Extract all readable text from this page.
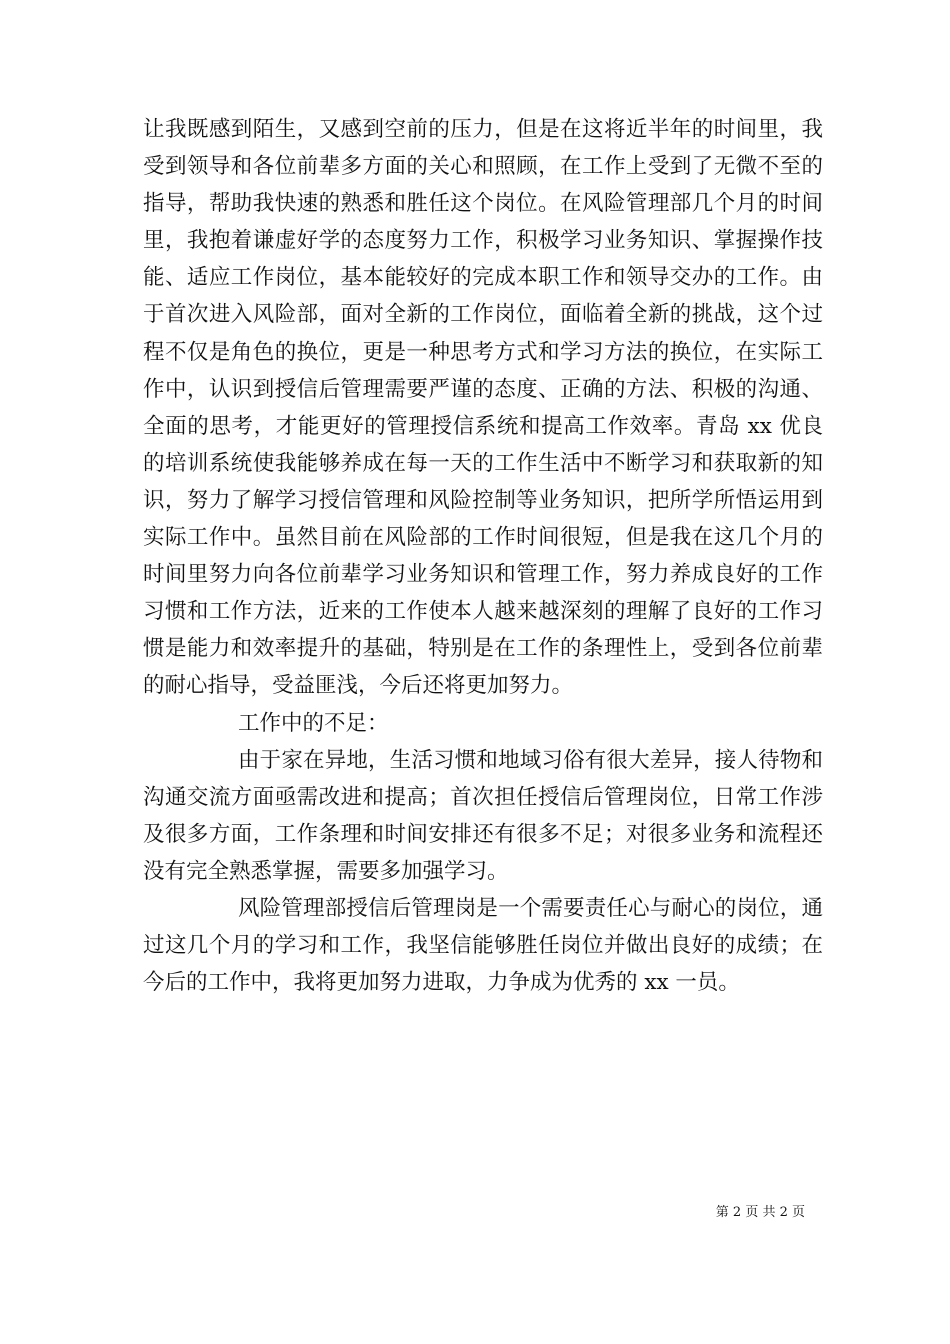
让我既感到陌生，又感到空前的压力，但是在这将近半年的时间里，我受到领导和各位前辈多方面的关心和照顾，在工作上受到了无微不至的指导，帮助我快速的熟悉和胜任这个岗位。在风险管理部几个月的时间里，我抱着谦虚好学的态度努力工作，积极学习业务知识、掌握操作技能、适应工作岗位，基本能较好的完成本职工作和领导交办的工作。由于首次进入风险部，面对全新的工作岗位，面临着全新的挑战，这个过程不仅是角色的换位，更是一种思考方式和学习方法的换位，在实际工作中，认识到授信后管理需要严谨的态度、正确的方法、积极的沟通、全面的思考，才能更好的管理授信系统和提高工作效率。青岛 xx 优良的培训系统使我能够养成在每一天的工作生活中不断学习和获取新的知识，努力了解学习授信管理和风险控制等业务知识，把所学所悟运用到实际工作中。虽然目前在风险部的工作时间很短，但是我在这几个月的时间里努力向各位前辈学习业务知识和管理工作，努力养成良好的工作习惯和工作方法，近来的工作使本人越来越深刻的理解了良好的工作习惯是能力和效率提升的基础，特别是在工作的条理性上，受到各位前辈的耐心指导，受益匪浅，今后还将更加努力。

工作中的不足：

由于家在异地，生活习惯和地域习俗有很大差异，接人待物和沟通交流方面亟需改进和提高；首次担任授信后管理岗位，日常工作涉及很多方面，工作条理和时间安排还有很多不足；对很多业务和流程还没有完全熟悉掌握，需要多加强学习。

风险管理部授信后管理岗是一个需要责任心与耐心的岗位，通过这几个月的学习和工作，我坚信能够胜任岗位并做出良好的成绩；在今后的工作中，我将更加努力进取，力争成为优秀的 xx 一员。

第 2 页 共 2 页
